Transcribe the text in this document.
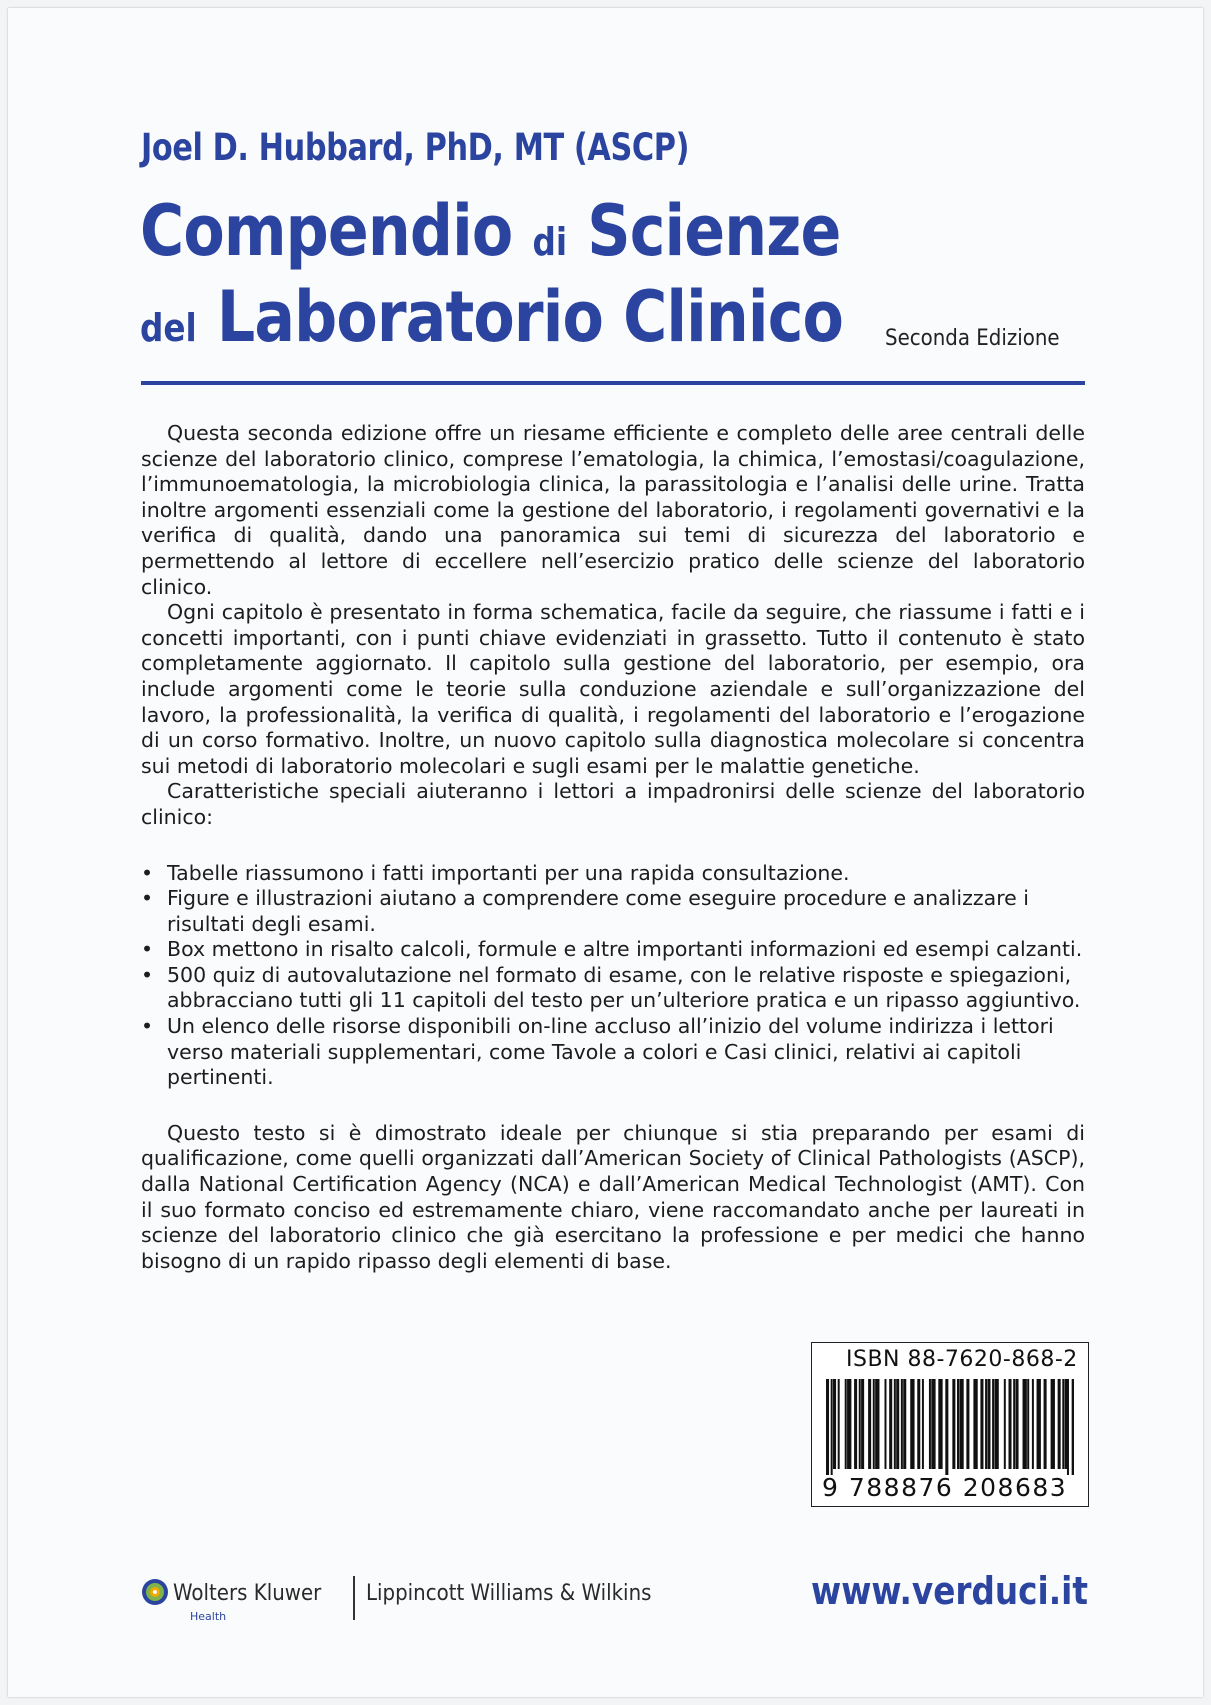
Joel D. Hubbard, PhD, MT (ASCP)
Compendio di Scienze
del Laboratorio Clinico Seconda Edizione

Questa seconda edizione offre un riesame efficiente e completo delle aree centrali delle scienze del laboratorio clinico, comprese l’ematologia, la chimica, l’emostasi/coagulazione, l’immunoematologia, la microbiologia clinica, la parassitologia e l’analisi delle urine. Tratta inoltre argomenti essenziali come la gestione del laboratorio, i regolamenti governativi e la verifica di qualità, dando una panoramica sui temi di sicurezza del laboratorio e permettendo al lettore di eccellere nell’esercizio pratico delle scienze del laboratorio clinico.

Ogni capitolo è presentato in forma schematica, facile da seguire, che riassume i fatti e i concetti importanti, con i punti chiave evidenziati in grassetto. Tutto il contenuto è stato completamente aggiornato. Il capitolo sulla gestione del laboratorio, per esempio, ora include argomenti come le teorie sulla conduzione aziendale e sull’organizzazione del lavoro, la professionalità, la verifica di qualità, i regolamenti del laboratorio e l’erogazione di un corso formativo. Inoltre, un nuovo capitolo sulla diagnostica molecolare si concentra sui metodi di laboratorio molecolari e sugli esami per le malattie genetiche.

Caratteristiche speciali aiuteranno i lettori a impadronirsi delle scienze del laboratorio clinico:

• Tabelle riassumono i fatti importanti per una rapida consultazione.
• Figure e illustrazioni aiutano a comprendere come eseguire procedure e analizzare i risultati degli esami.
• Box mettono in risalto calcoli, formule e altre importanti informazioni ed esempi calzanti.
• 500 quiz di autovalutazione nel formato di esame, con le relative risposte e spiegazioni, abbracciano tutti gli 11 capitoli del testo per un’ulteriore pratica e un ripasso aggiuntivo.
• Un elenco delle risorse disponibili on-line accluso all’inizio del volume indirizza i lettori verso materiali supplementari, come Tavole a colori e Casi clinici, relativi ai capitoli pertinenti.

Questo testo si è dimostrato ideale per chiunque si stia preparando per esami di qualificazione, come quelli organizzati dall’American Society of Clinical Pathologists (ASCP), dalla National Certification Agency (NCA) e dall’American Medical Technologist (AMT). Con il suo formato conciso ed estremamente chiaro, viene raccomandato anche per laureati in scienze del laboratorio clinico che già esercitano la professione e per medici che hanno bisogno di un rapido ripasso degli elementi di base.

ISBN 88-7620-868-2
9 788876 208683
Wolters Kluwer
Health
Lippincott Williams & Wilkins	www.verduci.it
